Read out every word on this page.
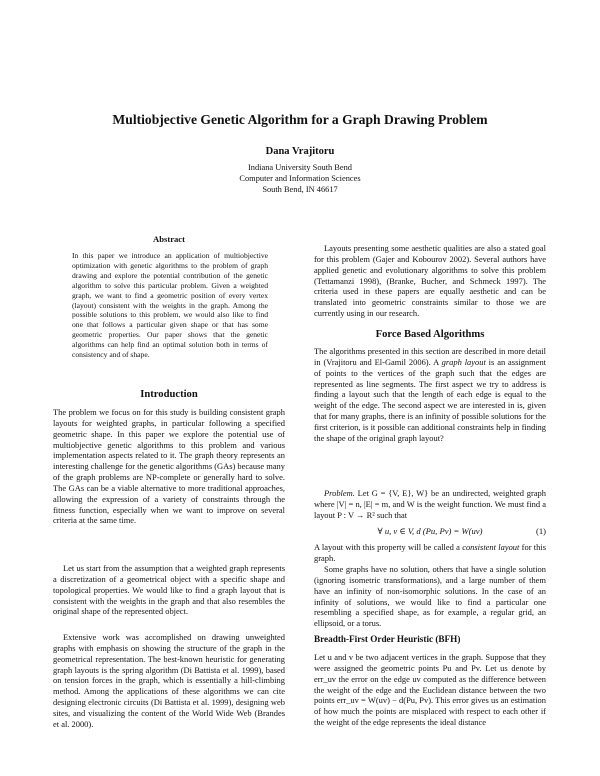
Multiobjective Genetic Algorithm for a Graph Drawing Problem
Dana Vrajitoru
Indiana University South Bend
Computer and Information Sciences
South Bend, IN 46617
Abstract

In this paper we introduce an application of multiobjective optimization with genetic algorithms to the problem of graph drawing and explore the potential contribution of the genetic algorithm to solve this particular problem. Given a weighted graph, we want to find a geometric position of every vertex (layout) consistent with the weights in the graph. Among the possible solutions to this problem, we would also like to find one that follows a particular given shape or that has some geometric properties. Our paper shows that the genetic algorithms can help find an optimal solution both in terms of consistency and of shape.

Introduction

The problem we focus on for this study is building consistent graph layouts for weighted graphs, in particular following a specified geometric shape. In this paper we explore the potential use of multiobjective genetic algorithms to this problem and various implementation aspects related to it. The graph theory represents an interesting challenge for the genetic algorithms (GAs) because many of the graph problems are NP-complete or generally hard to solve. The GAs can be a viable alternative to more traditional approaches, allowing the expression of a variety of constraints through the fitness function, especially when we want to improve on several criteria at the same time.

Let us start from the assumption that a weighted graph represents a discretization of a geometrical object with a specific shape and topological properties. We would like to find a graph layout that is consistent with the weights in the graph and that also resembles the original shape of the represented object.

Extensive work was accomplished on drawing unweighted graphs with emphasis on showing the structure of the graph in the geometrical representation. The best-known heuristic for generating graph layouts is the spring algorithm (Di Battista et al. 1999), based on tension forces in the graph, which is essentially a hill-climbing method. Among the applications of these algorithms we can cite designing electronic circuits (Di Battista et al. 1999), designing web sites, and visualizing the content of the World Wide Web (Brandes et al. 2000).

Layouts presenting some aesthetic qualities are also a stated goal for this problem (Gajer and Kobourov 2002). Several authors have applied genetic and evolutionary algorithms to solve this problem (Tettamanzi 1998), (Branke, Bucher, and Schmeck 1997). The criteria used in these papers are equally aesthetic and can be translated into geometric constraints similar to those we are currently using in our research.

Force Based Algorithms

The algorithms presented in this section are described in more detail in (Vrajitoru and El-Gamil 2006). A graph layout is an assignment of points to the vertices of the graph such that the edges are represented as line segments. The first aspect we try to address is finding a layout such that the length of each edge is equal to the weight of the edge. The second aspect we are interested in is, given that for many graphs, there is an infinity of possible solutions for the first criterion, is it possible can additional constraints help in finding the shape of the original graph layout?

Problem. Let G = {V, E}, W} be an undirected, weighted graph where |V| = n, |E| = m, and W is the weight function. We must find a layout P : V → R² such that

∀ u, v ∈ V, d (Pu, Pv) = W(uv)	(1)

A layout with this property will be called a consistent layout for this graph.

Some graphs have no solution, others that have a single solution (ignoring isometric transformations), and a large number of them have an infinity of non-isomorphic solutions. In the case of an infinity of solutions, we would like to find a particular one resembling a specified shape, as for example, a regular grid, an ellipsoid, or a torus.

Breadth-First Order Heuristic (BFH)

Let u and v be two adjacent vertices in the graph. Suppose that they were assigned the geometric points Pu and Pv. Let us denote by err_uv the error on the edge uv computed as the difference between the weight of the edge and the Euclidean distance between the two points err_uv = W(uv) − d(Pu, Pv). This error gives us an estimation of how much the points are misplaced with respect to each other if the weight of the edge represents the ideal distance
